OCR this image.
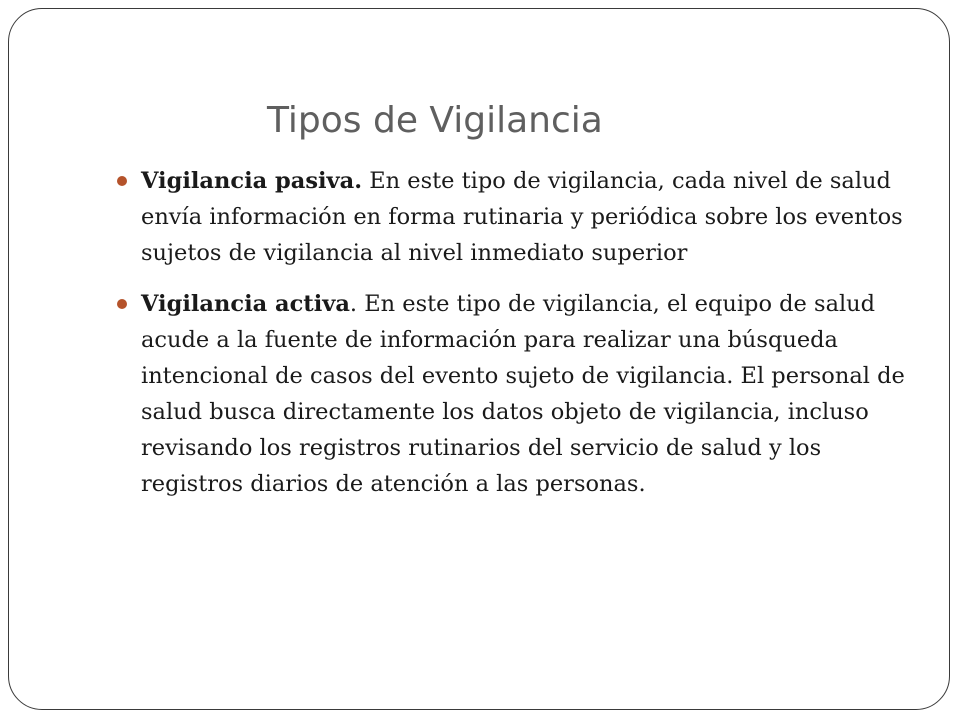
Tipos de Vigilancia
Vigilancia pasiva. En este tipo de vigilancia, cada nivel de salud envía información en forma rutinaria y periódica sobre los eventos sujetos de vigilancia al nivel inmediato superior
Vigilancia activa. En este tipo de vigilancia, el equipo de salud acude a la fuente de información para realizar una búsqueda intencional de casos del evento sujeto de vigilancia. El personal de salud busca directamente los datos objeto de vigilancia, incluso revisando los registros rutinarios del servicio de salud y los registros diarios de atención a las personas.
